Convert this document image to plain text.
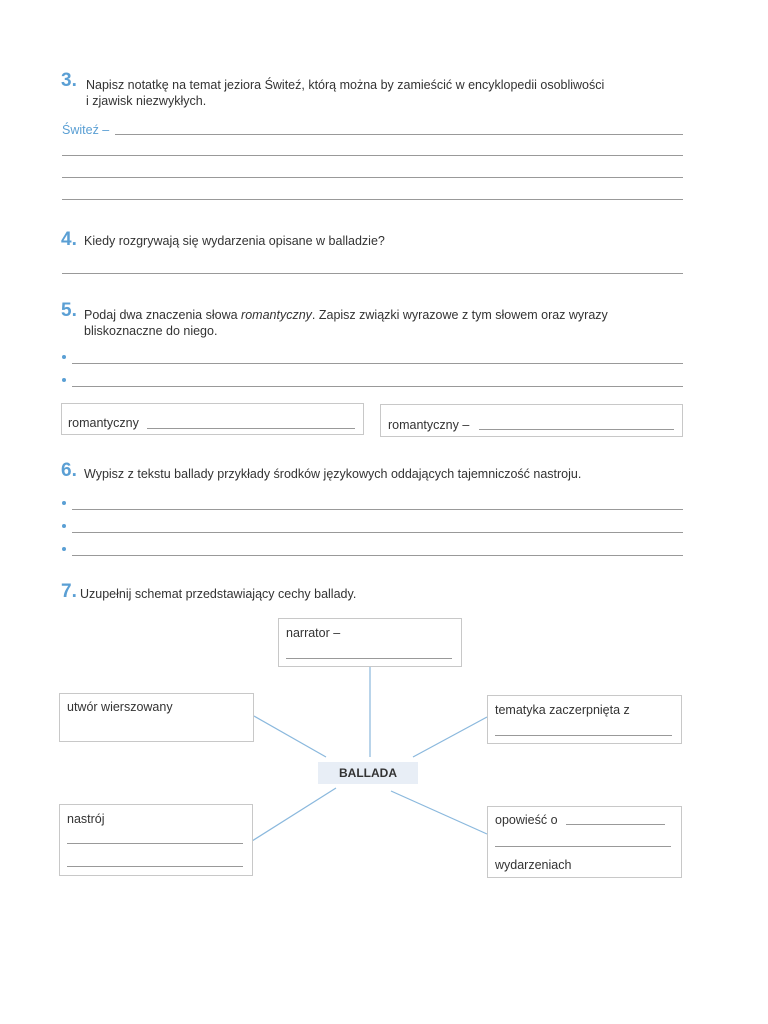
3. Napisz notatkę na temat jeziora Świteź, którą można by zamieścić w encyklopedii osobliwości
i zjawisk niezwykłych.
Świteź –
4. Kiedy rozgrywają się wydarzenia opisane w balladzie?
5. Podaj dwa znaczenia słowa romantyczny. Zapisz związki wyrazowe z tym słowem oraz wyrazy
bliskoznaczne do niego.
romantyczny	romantyczny –
6. Wypisz z tekstu ballady przykłady środków językowych oddających tajemniczość nastroju.
7. Uzupełnij schemat przedstawiający cechy ballady.
BALLADA
narrator –
utwór wierszowany	tematyka zaczerpnięta z
nastrój	opowieść o
wydarzeniach
